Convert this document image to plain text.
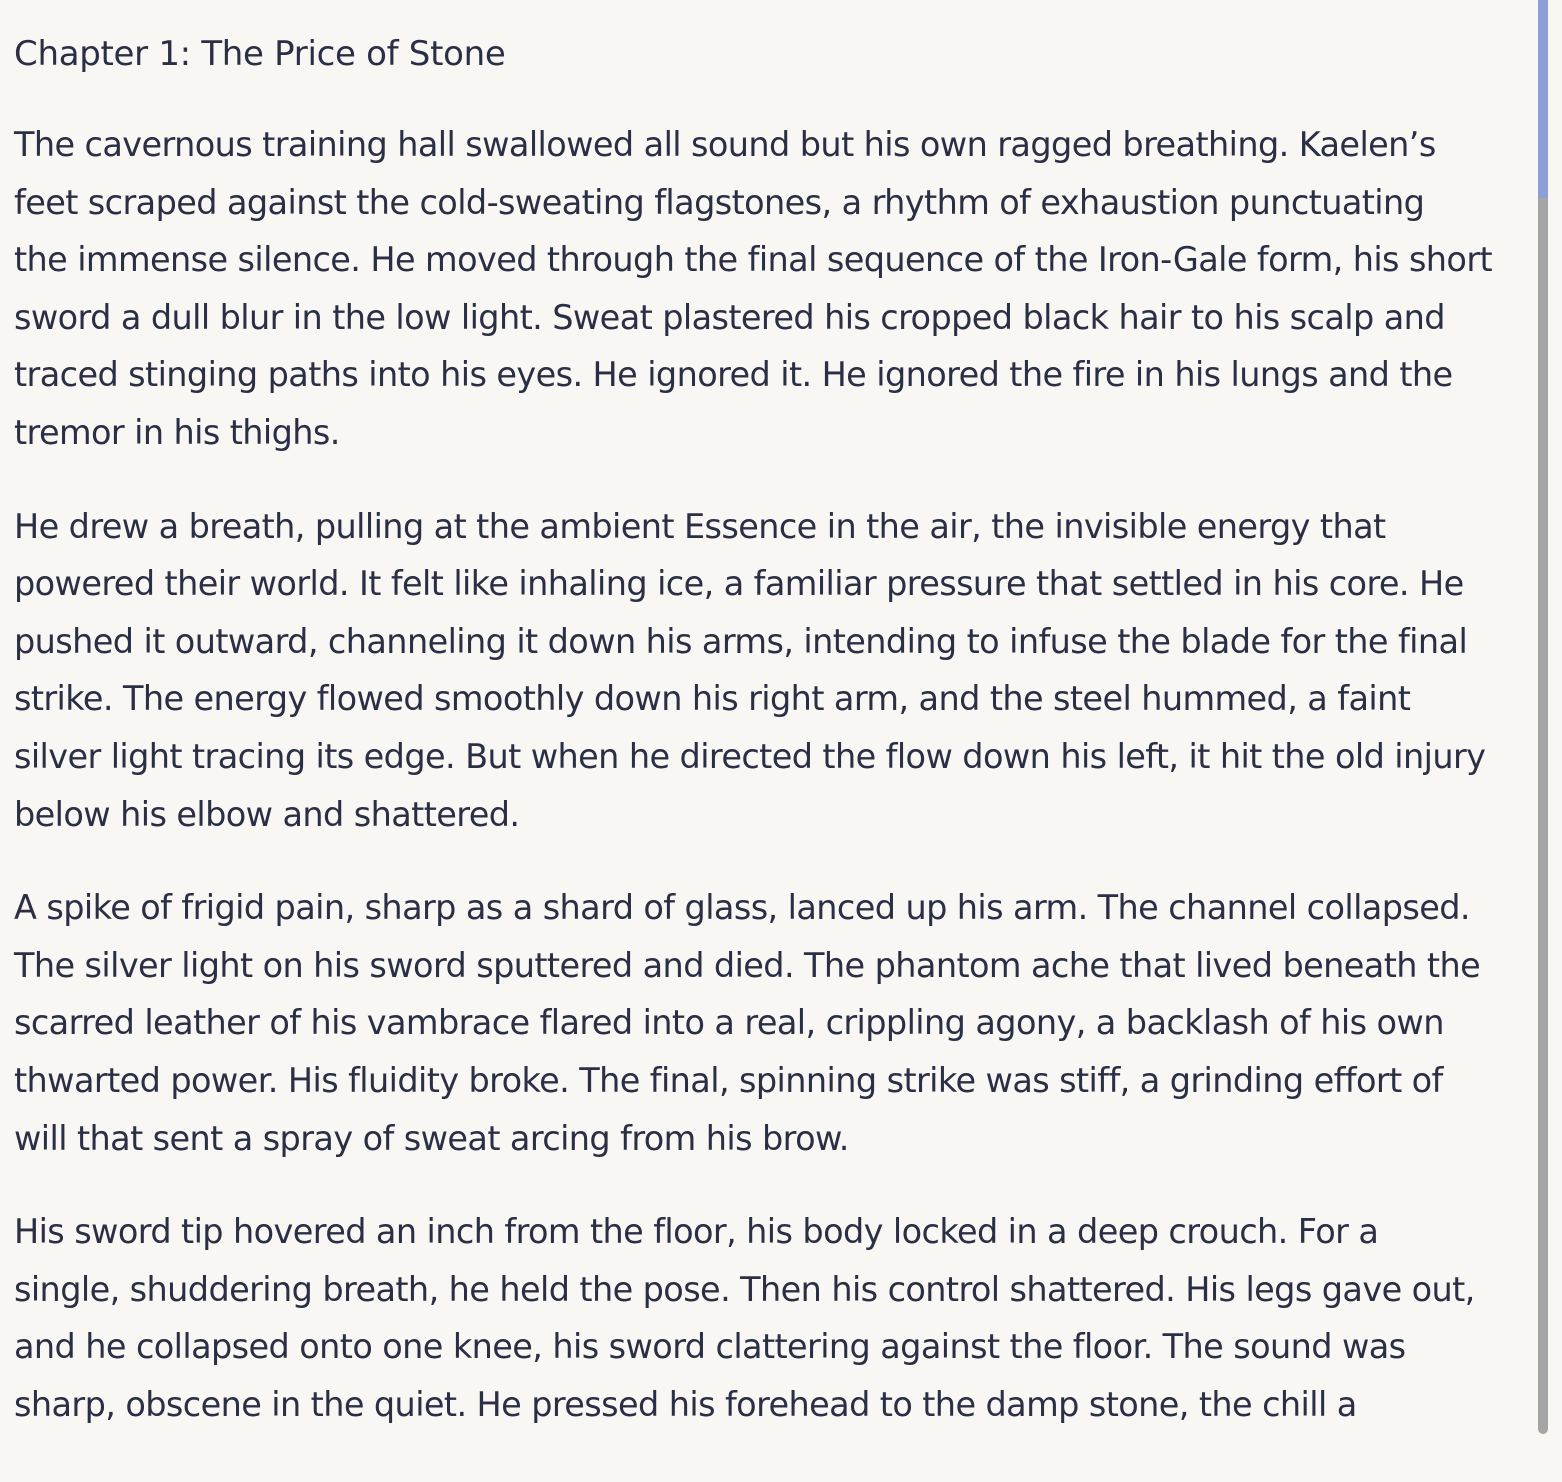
Chapter 1: The Price of Stone

The cavernous training hall swallowed all sound but his own ragged breathing. Kaelen’s
feet scraped against the cold-sweating flagstones, a rhythm of exhaustion punctuating
the immense silence. He moved through the final sequence of the Iron-Gale form, his short
sword a dull blur in the low light. Sweat plastered his cropped black hair to his scalp and
traced stinging paths into his eyes. He ignored it. He ignored the fire in his lungs and the
tremor in his thighs.

He drew a breath, pulling at the ambient Essence in the air, the invisible energy that
powered their world. It felt like inhaling ice, a familiar pressure that settled in his core. He
pushed it outward, channeling it down his arms, intending to infuse the blade for the final
strike. The energy flowed smoothly down his right arm, and the steel hummed, a faint
silver light tracing its edge. But when he directed the flow down his left, it hit the old injury
below his elbow and shattered.

A spike of frigid pain, sharp as a shard of glass, lanced up his arm. The channel collapsed.
The silver light on his sword sputtered and died. The phantom ache that lived beneath the
scarred leather of his vambrace flared into a real, crippling agony, a backlash of his own
thwarted power. His fluidity broke. The final, spinning strike was stiff, a grinding effort of
will that sent a spray of sweat arcing from his brow.

His sword tip hovered an inch from the floor, his body locked in a deep crouch. For a
single, shuddering breath, he held the pose. Then his control shattered. His legs gave out,
and he collapsed onto one knee, his sword clattering against the floor. The sound was
sharp, obscene in the quiet. He pressed his forehead to the damp stone, the chill a
